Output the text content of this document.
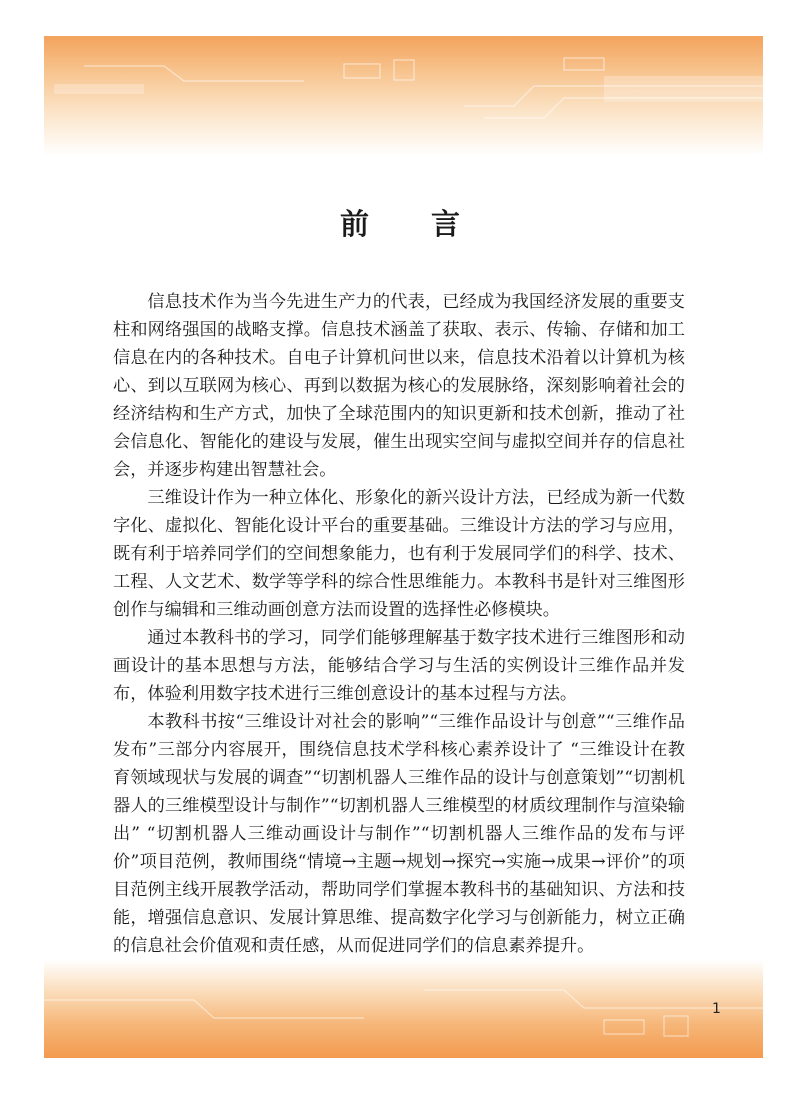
前 言

信息技术作为当今先进生产力的代表，已经成为我国经济发展的重要支柱和网络强国的战略支撑。信息技术涵盖了获取、表示、传输、存储和加工信息在内的各种技术。自电子计算机问世以来，信息技术沿着以计算机为核心、到以互联网为核心、再到以数据为核心的发展脉络，深刻影响着社会的经济结构和生产方式，加快了全球范围内的知识更新和技术创新，推动了社会信息化、智能化的建设与发展，催生出现实空间与虚拟空间并存的信息社会，并逐步构建出智慧社会。

三维设计作为一种立体化、形象化的新兴设计方法，已经成为新一代数字化、虚拟化、智能化设计平台的重要基础。三维设计方法的学习与应用，既有利于培养同学们的空间想象能力，也有利于发展同学们的科学、技术、工程、人文艺术、数学等学科的综合性思维能力。本教科书是针对三维图形创作与编辑和三维动画创意方法而设置的选择性必修模块。

通过本教科书的学习，同学们能够理解基于数字技术进行三维图形和动画设计的基本思想与方法，能够结合学习与生活的实例设计三维作品并发布，体验利用数字技术进行三维创意设计的基本过程与方法。

本教科书按“三维设计对社会的影响”“三维作品设计与创意”“三维作品发布”三部分内容展开，围绕信息技术学科核心素养设计了 “三维设计在教育领域现状与发展的调查”“切割机器人三维作品的设计与创意策划”“切割机器人的三维模型设计与制作”“切割机器人三维模型的材质纹理制作与渲染输出” “切割机器人三维动画设计与制作”“切割机器人三维作品的发布与评价”项目范例，教师围绕“情境→主题→规划→探究→实施→成果→评价”的项目范例主线开展教学活动，帮助同学们掌握本教科书的基础知识、方法和技能，增强信息意识、发展计算思维、提高数字化学习与创新能力，树立正确的信息社会价值观和责任感，从而促进同学们的信息素养提升。

1
